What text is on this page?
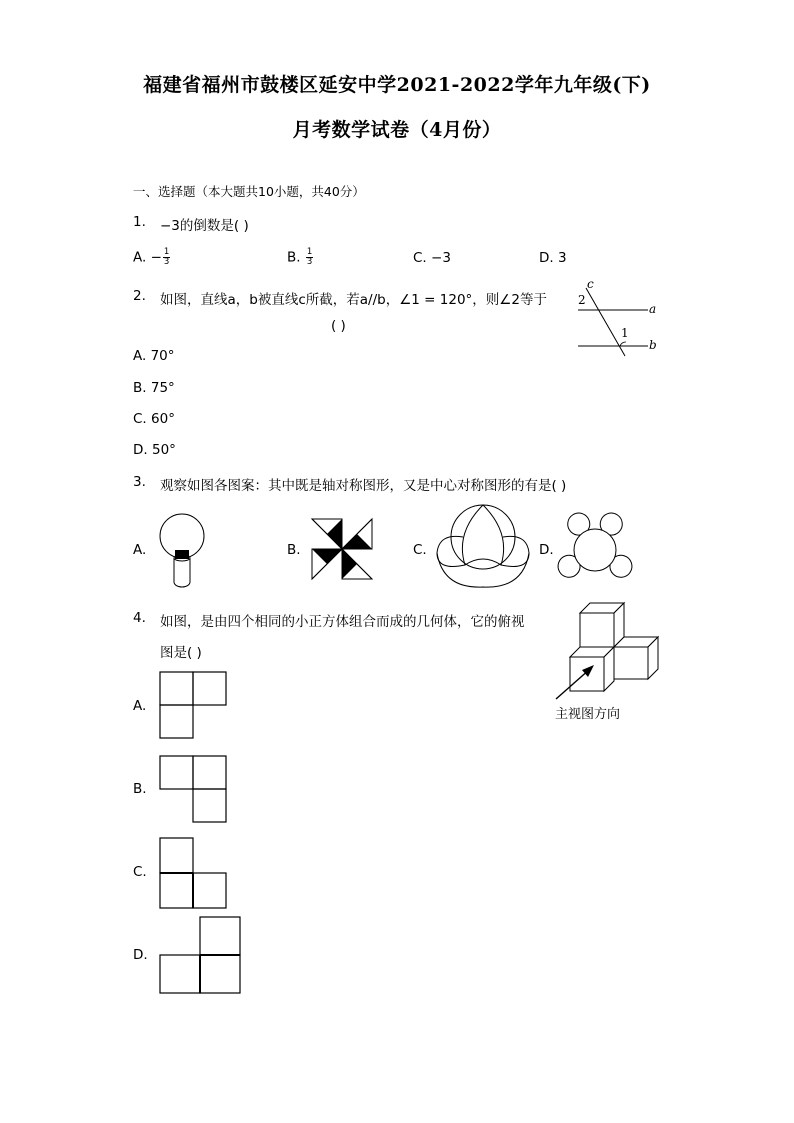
福建省福州市鼓楼区延安中学2021-2022学年九年级(下)
月考数学试卷（4月份）
一、选择题（本大题共10小题，共40分）
1. −3的倒数是( )
A. − $\frac{1}{3}$	B. $\frac{1}{3}$	C. −3	D. 3
2. 如图，直线a，b被直线c所截，若a//b，∠1 = 120°，则∠2等于
( )
c
2
a
1
b
A. 70°
B. 75°
C. 60°
D. 50°
3. 观察如图各图案：其中既是轴对称图形，又是中心对称图形的有是( )
A.	B.	C.	D.
4. 如图，是由四个相同的小正方体组合而成的几何体，它的俯视
图是( )
主视图方向
A.
B.
C.
D.
